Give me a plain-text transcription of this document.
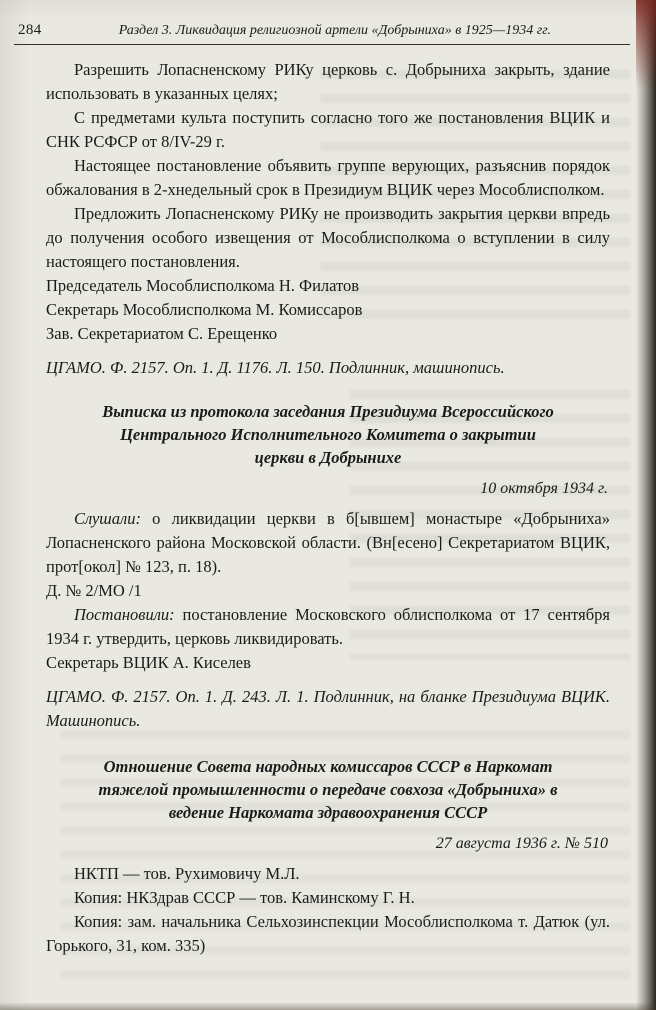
284	Раздел 3. Ликвидация религиозной артели «Добрыниха» в 1925—1934 гг.

Разрешить Лопасненскому РИКу церковь с. Добрыниха закрыть, здание использовать в указанных целях;

С предметами культа поступить согласно того же постановления ВЦИК и СНК РСФСР от 8/IV-29 г.

Настоящее постановление объявить группе верующих, разъяснив порядок обжалования в 2-хнедельный срок в Президиум ВЦИК через Мособлисполком.

Предложить Лопасненскому РИКу не производить закрытия церкви впредь до получения особого извещения от Мособлисполкома о вступлении в силу настоящего постановления.

Председатель Мособлисполкома Н. Филатов

Секретарь Мособлисполкома М. Комиссаров

Зав. Секретариатом С. Ерещенко

ЦГАМО. Ф. 2157. Оп. 1. Д. 1176. Л. 150. Подлинник, машинопись.

Выписка из протокола заседания Президиума Всероссийского Центрального Исполнительного Комитета о закрытии церкви в Добрынихе

10 октября 1934 г.

Слушали: о ликвидации церкви в б[ывшем] монастыре «Добрыниха» Лопасненского района Московской области. (Вн[есено] Секретариатом ВЦИК, прот[окол] № 123, п. 18).

Д. № 2/МО /1

Постановили: постановление Московского облисполкома от 17 сентября 1934 г. утвердить, церковь ликвидировать.

Секретарь ВЦИК А. Киселев

ЦГАМО. Ф. 2157. Оп. 1. Д. 243. Л. 1. Подлинник, на бланке Президиума ВЦИК. Машинопись.

Отношение Совета народных комиссаров СССР в Наркомат тяжелой промышленности о передаче совхоза «Добрыниха» в ведение Наркомата здравоохранения СССР

27 августа 1936 г. № 510

НКТП — тов. Рухимовичу М.Л.

Копия: НКЗдрав СССР — тов. Каминскому Г. Н.

Копия: зам. начальника Сельхозинспекции Мособлисполкома т. Датюк (ул. Горького, 31, ком. 335)
